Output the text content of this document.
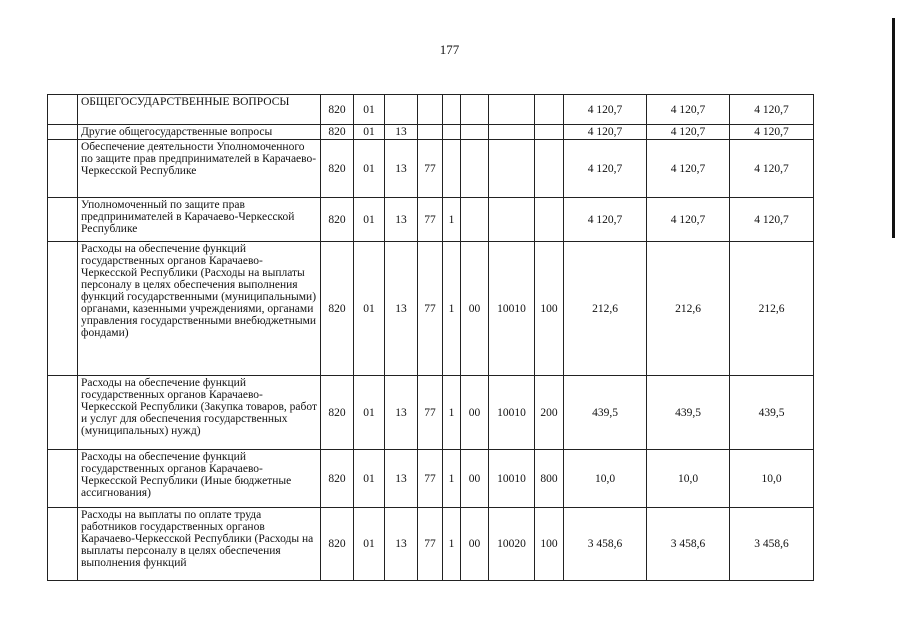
177
	ОБЩЕГОСУДАРСТВЕННЫЕ ВОПРОСЫ	820	01							4 120,7	4 120,7	4 120,7
	Другие общегосударственные вопросы	820	01	13						4 120,7	4 120,7	4 120,7
	Обеспечение деятельности Уполномоченного по защите прав предпринимателей в Карачаево-Черкесской Республике	820	01	13	77					4 120,7	4 120,7	4 120,7
	Уполномоченный по защите прав предпринимателей в Карачаево-Черкесской Республике	820	01	13	77	1				4 120,7	4 120,7	4 120,7
	Расходы на обеспечение функций государственных органов Карачаево-Черкесской Республики (Расходы на выплаты персоналу в целях обеспечения выполнения функций государственными (муниципальными) органами, казенными учреждениями, органами управления государственными внебюджетными фондами)	820	01	13	77	1	00	10010	100	212,6	212,6	212,6
	Расходы на обеспечение функций государственных органов Карачаево-Черкесской Республики (Закупка товаров, работ и услуг для обеспечения государственных (муниципальных) нужд)	820	01	13	77	1	00	10010	200	439,5	439,5	439,5
	Расходы на обеспечение функций государственных органов Карачаево-Черкесской Республики (Иные бюджетные ассигнования)	820	01	13	77	1	00	10010	800	10,0	10,0	10,0
	Расходы на выплаты по оплате труда работников государственных органов Карачаево-Черкесской Республики (Расходы на выплаты персоналу в целях обеспечения выполнения функций	820	01	13	77	1	00	10020	100	3 458,6	3 458,6	3 458,6
